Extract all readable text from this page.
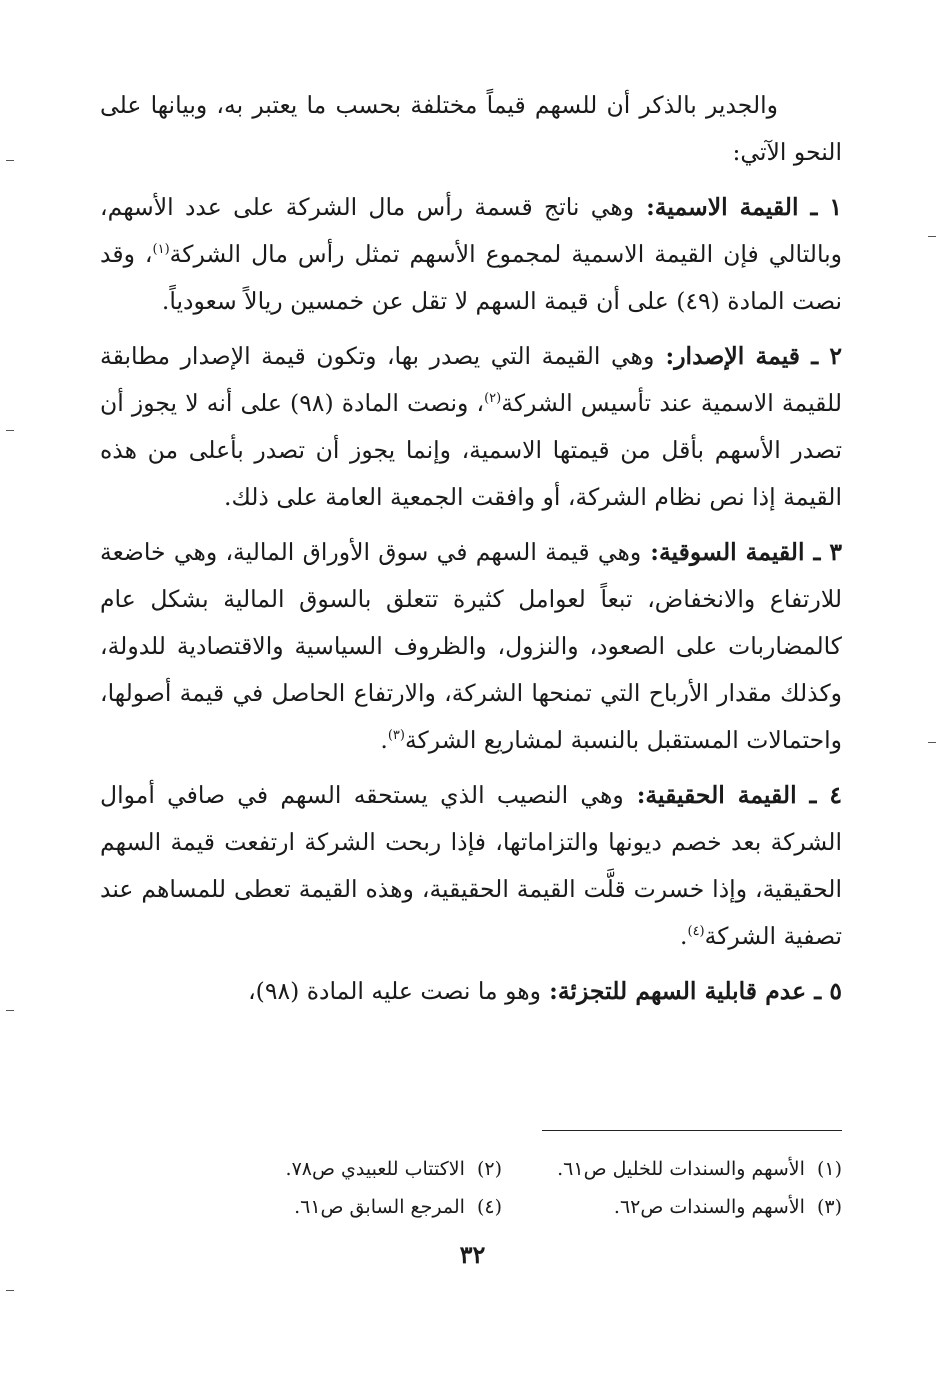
والجدير بالذكر أن للسهم قيماً مختلفة بحسب ما يعتبر به، وبيانها على النحو الآتي:

١ ـ القيمة الاسمية: وهي ناتج قسمة رأس مال الشركة على عدد الأسهم، وبالتالي فإن القيمة الاسمية لمجموع الأسهم تمثل رأس مال الشركة$^{(١)}$، وقد نصت المادة (٤٩) على أن قيمة السهم لا تقل عن خمسين ريالاً سعودياً.

٢ ـ قيمة الإصدار: وهي القيمة التي يصدر بها، وتكون قيمة الإصدار مطابقة للقيمة الاسمية عند تأسيس الشركة$^{(٢)}$، ونصت المادة (٩٨) على أنه لا يجوز أن تصدر الأسهم بأقل من قيمتها الاسمية، وإنما يجوز أن تصدر بأعلى من هذه القيمة إذا نص نظام الشركة، أو وافقت الجمعية العامة على ذلك.

٣ ـ القيمة السوقية: وهي قيمة السهم في سوق الأوراق المالية، وهي خاضعة للارتفاع والانخفاض، تبعاً لعوامل كثيرة تتعلق بالسوق المالية بشكل عام كالمضاربات على الصعود، والنزول، والظروف السياسية والاقتصادية للدولة، وكذلك مقدار الأرباح التي تمنحها الشركة، والارتفاع الحاصل في قيمة أصولها، واحتمالات المستقبل بالنسبة لمشاريع الشركة$^{(٣)}$.

٤ ـ القيمة الحقيقية: وهي النصيب الذي يستحقه السهم في صافي أموال الشركة بعد خصم ديونها والتزاماتها، فإذا ربحت الشركة ارتفعت قيمة السهم الحقيقية، وإذا خسرت قلَّت القيمة الحقيقية، وهذه القيمة تعطى للمساهم عند تصفية الشركة$^{(٤)}$.

٥ ـ عدم قابلية السهم للتجزئة: وهو ما نصت عليه المادة (٩٨)،

(١)الأسهم والسندات للخليل ص٦١.
(٢)الاكتتاب للعبيدي ص٧٨.
(٣)الأسهم والسندات ص٦٢.
(٤)المرجع السابق ص٦١.
٣٢
